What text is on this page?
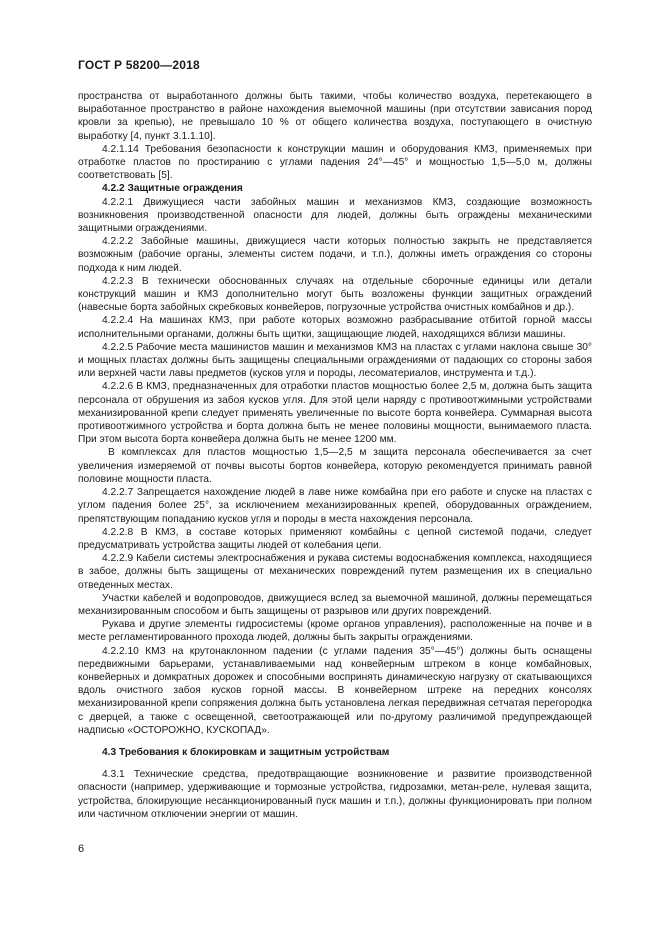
ГОСТ Р 58200—2018

пространства от выработанного должны быть такими, чтобы количество воздуха, перетекающего в выработанное пространство в районе нахождения выемочной машины (при отсутствии зависания пород кровли за крепью), не превышало 10 % от общего количества воздуха, поступающего в очистную выработку [4, пункт 3.1.1.10].

4.2.1.14 Требования безопасности к конструкции машин и оборудования КМЗ, применяемых при отработке пластов по простиранию с углами падения 24°—45° и мощностью 1,5—5,0 м, должны соответствовать [5].

4.2.2 Защитные ограждения

4.2.2.1 Движущиеся части забойных машин и механизмов КМЗ, создающие возможность возникновения производственной опасности для людей, должны быть ограждены механическими защитными ограждениями.

4.2.2.2 Забойные машины, движущиеся части которых полностью закрыть не представляется возможным (рабочие органы, элементы систем подачи, и т.п.), должны иметь ограждения со стороны подхода к ним людей.

4.2.2.3 В технически обоснованных случаях на отдельные сборочные единицы или детали конструкций машин и КМЗ дополнительно могут быть возложены функции защитных ограждений (навесные борта забойных скребковых конвейеров, погрузочные устройства очистных комбайнов и др.).

4.2.2.4 На машинах КМЗ, при работе которых возможно разбрасывание отбитой горной массы исполнительными органами, должны быть щитки, защищающие людей, находящихся вблизи машины.

4.2.2.5 Рабочие места машинистов машин и механизмов КМЗ на пластах с углами наклона свыше 30° и мощных пластах должны быть защищены специальными ограждениями от падающих со стороны забоя или верхней части лавы предметов (кусков угля и породы, лесоматериалов, инструмента и т.д.).

4.2.2.6 В КМЗ, предназначенных для отработки пластов мощностью более 2,5 м, должна быть защита персонала от обрушения из забоя кусков угля. Для этой цели наряду с противоотжимными устройствами механизированной крепи следует применять увеличенные по высоте борта конвейера. Суммарная высота противоотжимного устройства и борта должна быть не менее половины мощности, вынимаемого пласта. При этом высота борта конвейера должна быть не менее 1200 мм.

В комплексах для пластов мощностью 1,5—2,5 м защита персонала обеспечивается за счет увеличения измеряемой от почвы высоты бортов конвейера, которую рекомендуется принимать равной половине мощности пласта.

4.2.2.7 Запрещается нахождение людей в лаве ниже комбайна при его работе и спуске на пластах с углом падения более 25°, за исключением механизированных крепей, оборудованных ограждением, препятствующим попаданию кусков угля и породы в места нахождения персонала.

4.2.2.8 В КМЗ, в составе которых применяют комбайны с цепной системой подачи, следует предусматривать устройства защиты людей от колебания цепи.

4.2.2.9 Кабели системы электроснабжения и рукава системы водоснабжения комплекса, находящиеся в забое, должны быть защищены от механических повреждений путем размещения их в специально отведенных местах.

Участки кабелей и водопроводов, движущиеся вслед за выемочной машиной, должны перемещаться механизированным способом и быть защищены от разрывов или других повреждений.

Рукава и другие элементы гидросистемы (кроме органов управления), расположенные на почве и в месте регламентированного прохода людей, должны быть закрыты ограждениями.

4.2.2.10 КМЗ на крутонаклонном падении (с углами падения 35°—45°) должны быть оснащены передвижными барьерами, устанавливаемыми над конвейерным штреком в конце комбайновых, конвейерных и домкратных дорожек и способными воспринять динамическую нагрузку от скатывающихся вдоль очистного забоя кусков горной массы. В конвейерном штреке на передних консолях механизированной крепи сопряжения должна быть установлена легкая передвижная сетчатая перегородка с дверцей, а также с освещенной, светоотражающей или по-другому различимой предупреждающей надписью «ОСТОРОЖНО, КУСКОПАД».

4.3 Требования к блокировкам и защитным устройствам

4.3.1 Технические средства, предотвращающие возникновение и развитие производственной опасности (например, удерживающие и тормозные устройства, гидрозамки, метан-реле, нулевая защита, устройства, блокирующие несанкционированный пуск машин и т.п.), должны функционировать при полном или частичном отключении энергии от машин.

6
